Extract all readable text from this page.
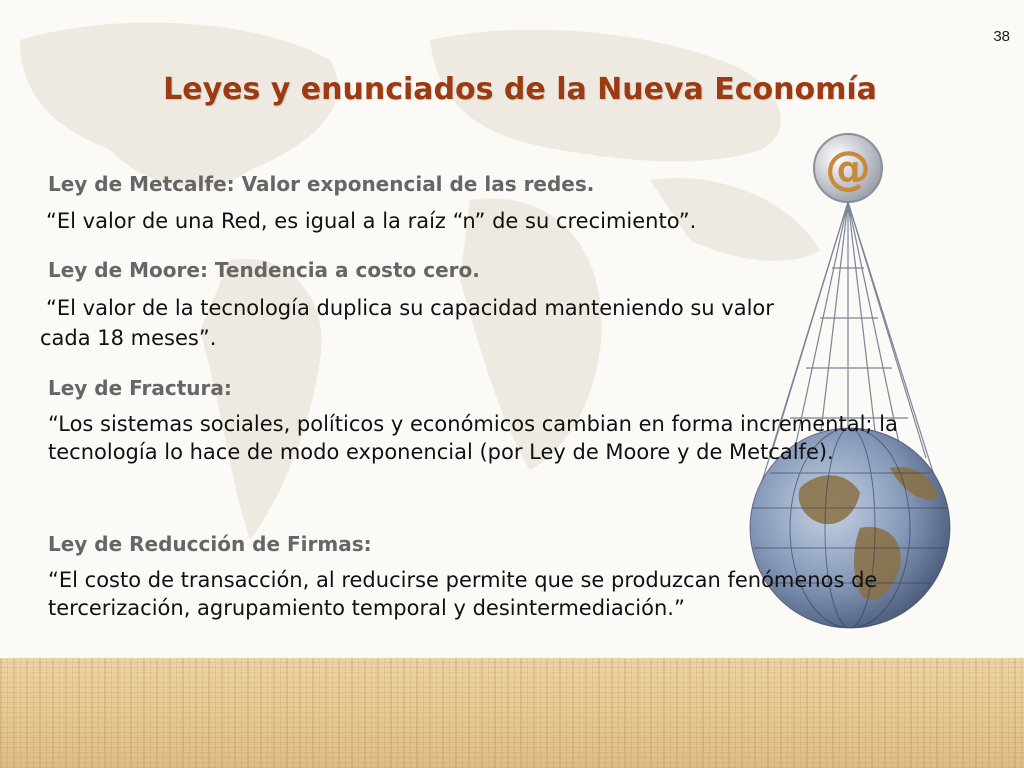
@
38
Leyes y enunciados de la Nueva Economía
Ley de Metcalfe: Valor exponencial de las redes.

“El valor de una Red, es igual a la raíz “n” de su crecimiento”.

Ley de Moore: Tendencia a costo cero.

“El valor de la tecnología duplica su capacidad manteniendo su valor

cada 18 meses”.

Ley de Fractura:

“Los sistemas sociales, políticos y económicos cambian en forma incremental; la tecnología lo hace de modo exponencial (por Ley de Moore y de Metcalfe).

Ley de Reducción de Firmas:

“El costo de transacción, al reducirse permite que se produzcan fenómenos de tercerización, agrupamiento temporal y desintermediación.”
